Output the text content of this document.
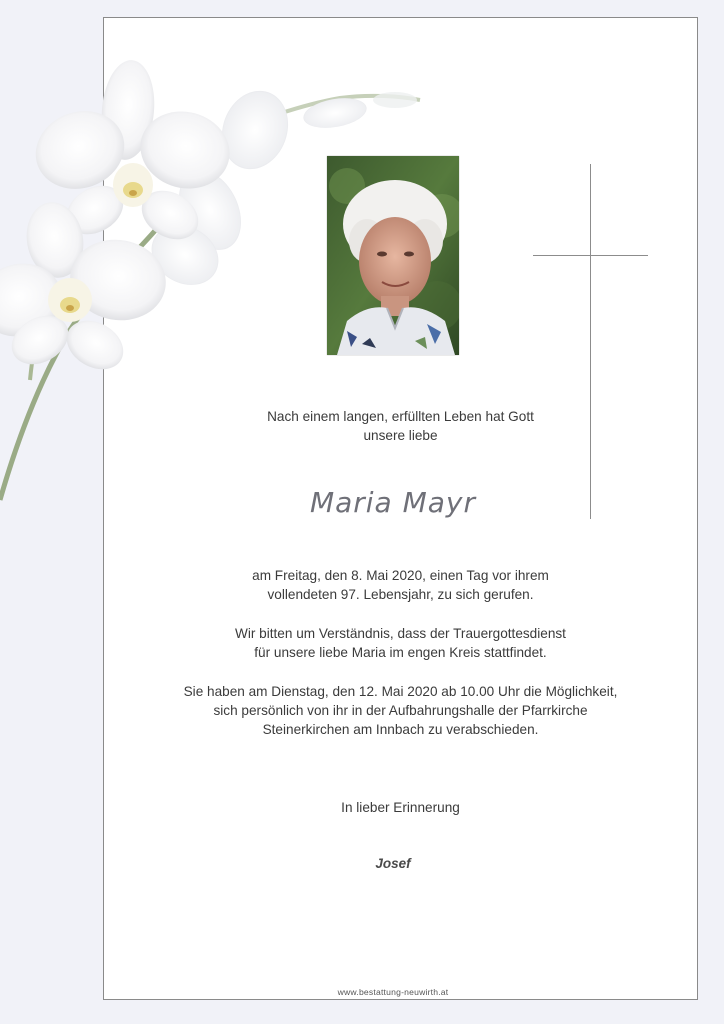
Nach einem langen, erfüllten Leben hat Gott

unsere liebe

Maria Mayr

am Freitag, den 8. Mai 2020, einen Tag vor ihrem

vollendeten 97. Lebensjahr, zu sich gerufen.

Wir bitten um Verständnis, dass der Trauergottesdienst

für unsere liebe Maria im engen Kreis stattfindet.

Sie haben am Dienstag, den 12. Mai 2020 ab 10.00 Uhr die Möglichkeit,

sich persönlich von ihr in der Aufbahrungshalle der Pfarrkirche

Steinerkirchen am Innbach zu verabschieden.

In lieber Erinnerung

Josef
www.bestattung-neuwirth.at
